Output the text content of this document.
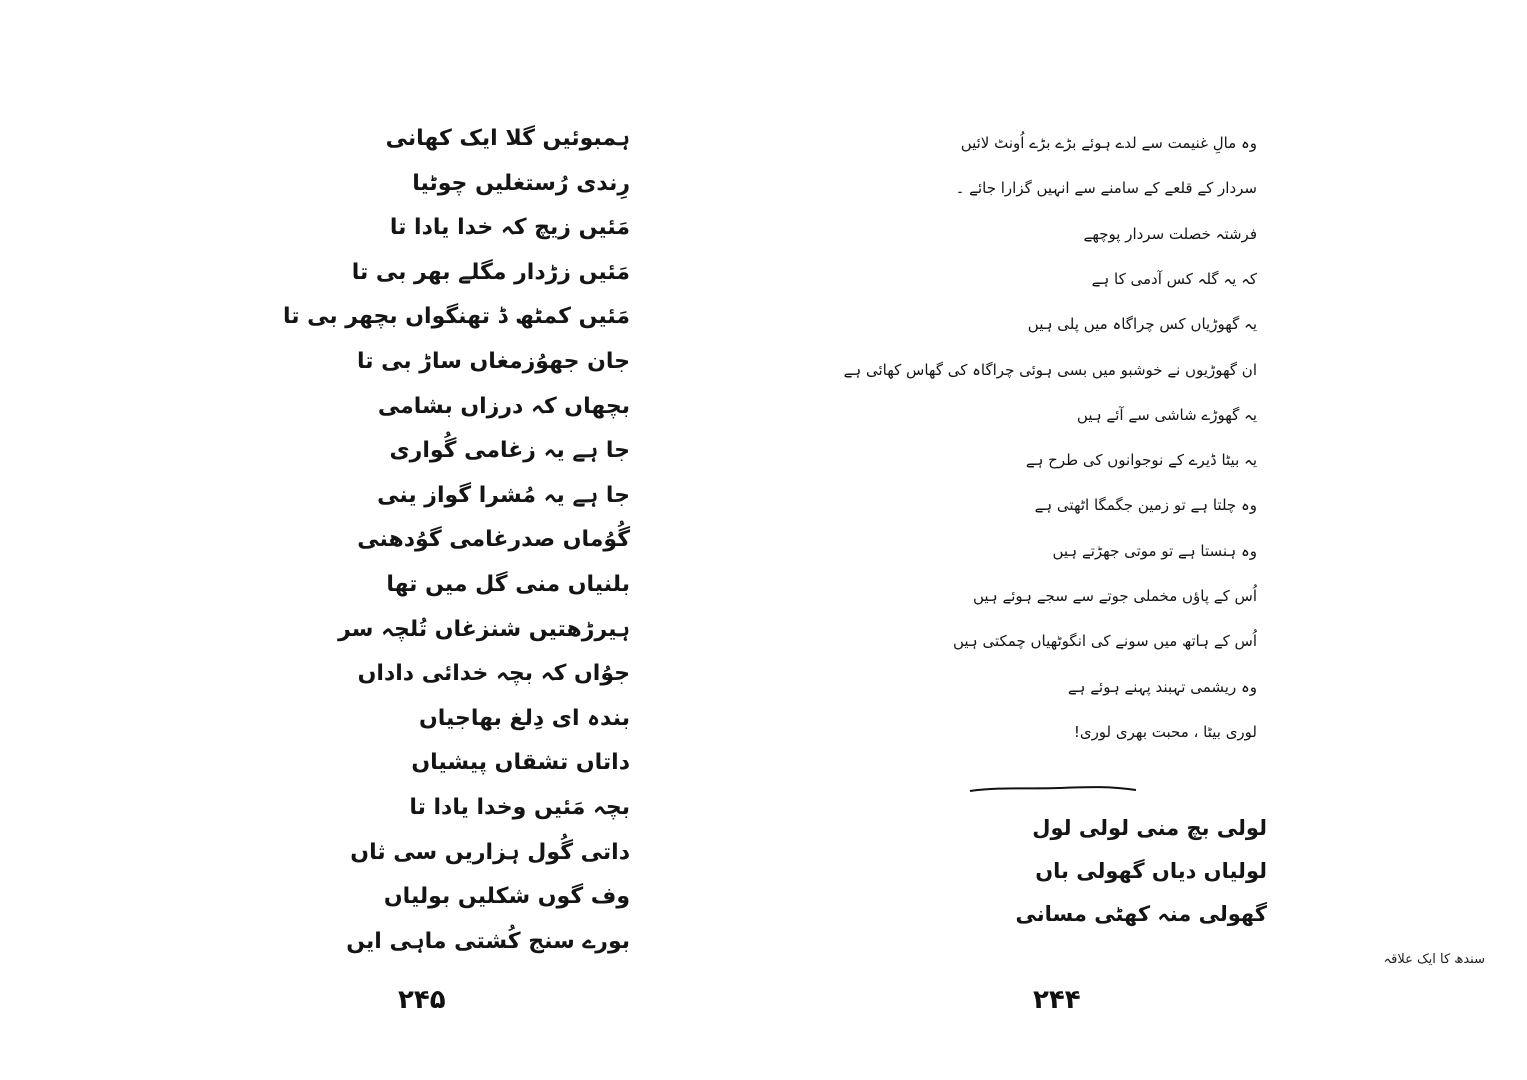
ہمبوئیں گلا ایک کھانی
رِندی رُستغلیں چوٹیا
مَئیں زیچ کہ خدا یادا تا
مَئیں زڑدار مگلے بھر بی تا
مَئیں کمٹھ ڈ تھنگواں بچھر بی تا
جان جھوُزمغاں ساڑ بی تا
بچھاں کہ درزاں بشامی
جا ہے یہ زغامی گُواری
جا ہے یہ مُشرا گواز ینی
گُوُماں صدرغامی گوُدھنی
بلنیاں منی گل میں تھا
ہیرڑھتیں شنزغاں تُلچہ سر
جوُاں کہ بچہ خدائی داداں
بندہ ای دِلغ بھاجیاں
داتاں تشقاں پیشیاں
بچہ مَئیں وخدا یادا تا
داتی گُول ہزاریں سی ثاں
وف گوں شکلیں بولیاں
بورے سنج کُشتی ماہی ایں
۲۴۵
وہ مالِ غنیمت سے لدے ہوئے بڑے بڑے اُونٹ لائیں
سردار کے قلعے کے سامنے سے انہیں گزارا جائے ۔
فرشتہ خصلت سردار پوچھے
کہ یہ گلہ کس آدمی کا ہے
یہ گھوڑیاں کس چراگاہ میں پلی ہیں
ان گھوڑیوں نے خوشبو میں بسی ہوئی چراگاہ کی گھاس کھائی ہے
یہ گھوڑے شاشی سے آئے ہیں
یہ بیٹا ڈیرے کے نوجوانوں کی طرح ہے
وہ چلتا ہے تو زمین جگمگا اٹھتی ہے
وہ ہنستا ہے تو موتی جھڑتے ہیں
اُس کے پاؤں مخملی جوتے سے سجے ہوئے ہیں
اُس کے ہاتھ میں سونے کی انگوٹھیاں چمکتی ہیں
وہ ریشمی تہبند پہنے ہوئے ہے
لوری بیٹا ، محبت بھری لوری!
لولی بچ منی لولی لول
لولیاں دیاں گھولی باں
گھولی منہ کھٹی مسانی
سندھ کا ایک علاقہ
۲۴۴
